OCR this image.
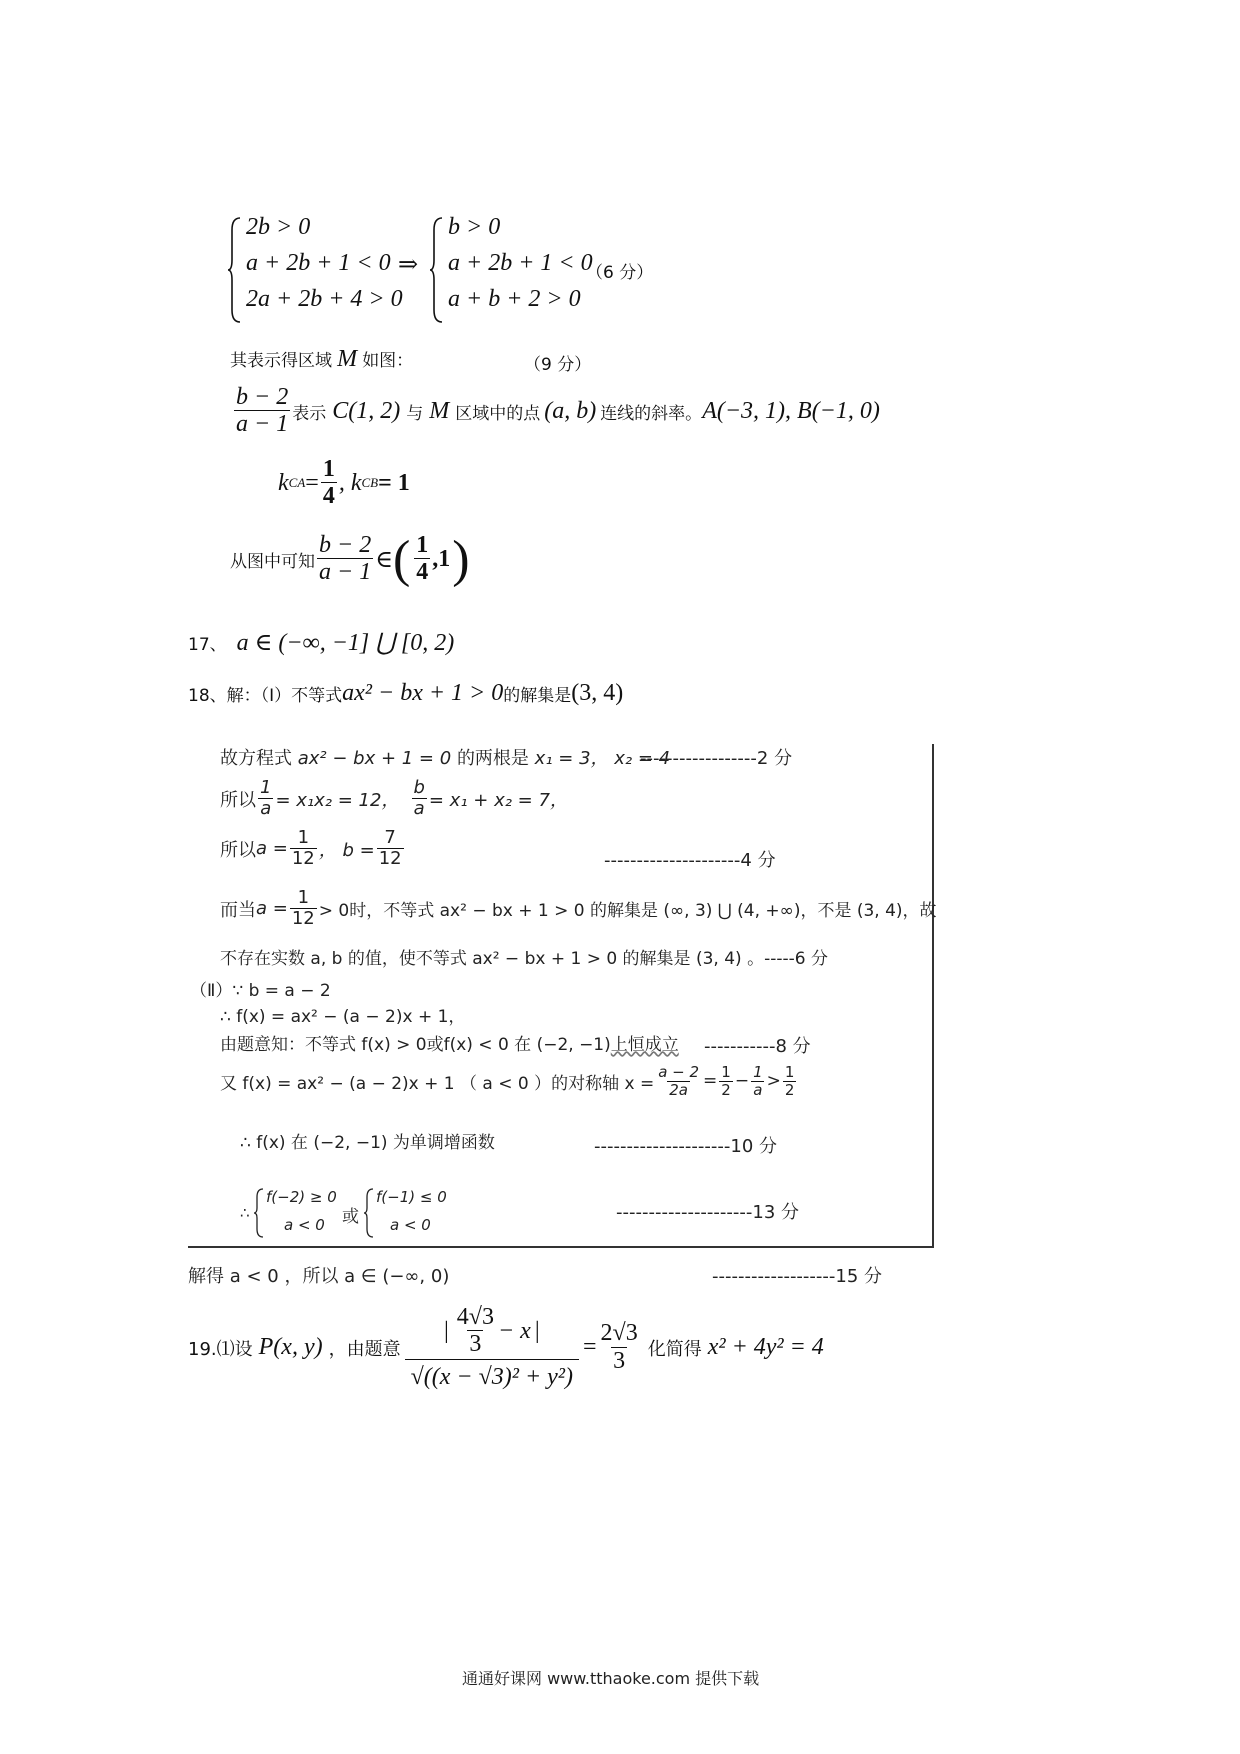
2b > 0
a + 2b + 1 < 0
2a + 2b + 4 > 0
⇒
b > 0
a + 2b + 1 < 0
a + b + 2 > 0
（6 分）
其表示得区域 M 如图：	（9 分）
$\frac{b - 2}{a - 1}$ 表示 C(1, 2) 与 M 区域中的点 (a, b) 连线的斜率。 A(−3, 1), B(−1, 0)
k CA = $\frac{1}{4}$ , k CB = 1
从图中可知 $\frac{b - 2}{a - 1}$ ∈ ( $\frac{1}{4} ,1$ )
17、 a ∈ (−∞, −1] ⋃ [0, 2)
18、解：（Ⅰ）不等式 ax² − bx + 1 > 0 的解集是 (3, 4)
故方程式 ax² − bx + 1 = 0 的两根是 x₁ = 3， x₂ = 4
------------------2 分
所以 $\frac{1}{a} = x_1x_2 = 12$， $\frac{b}{a} = x_1 + x_2 = 7$，
所以 $a = \frac{1}{12}$ ， $b = \frac{7}{12}$	---------------------4 分
而当 $a = \frac{1}{12} > 0$时，不等式 ax² − bx + 1 > 0 的解集是 (∞, 3) ⋃ (4, +∞)，不是 (3, 4)，故
不存在实数 a, b 的值，使不等式 ax² − bx + 1 > 0 的解集是 (3, 4) 。-----6 分
（Ⅱ）∵ b = a − 2
∴ f(x) = ax² − (a − 2)x + 1，
由题意知：不等式 f(x) > 0或f(x) < 0 在 (−2, −1)上恒成立 -----------8 分
又 f(x) = ax² − (a − 2)x + 1 （ a < 0 ）的对称轴 $x = \frac{a - 2}{2a} = \frac{1}{2} - \frac{1}{a} > \frac{1}{2}$
∴ f(x) 在 (−2, −1) 为单调增函数	---------------------10 分
∴
f(−2) ≥ 0
a < 0 或
f(−1) ≤ 0
a < 0
---------------------13 分
解得 a < 0 ，所以 a ∈ (−∞, 0)	-------------------15 分
19.⑴设 P(x, y) ，由题意
| $\frac{4√3}{3} - x$ |
√((x − √3)² + y²)
= $\frac{2√3}{3}$ 化简得 x² + 4y² = 4
通通好课网 www.tthaoke.com 提供下载
